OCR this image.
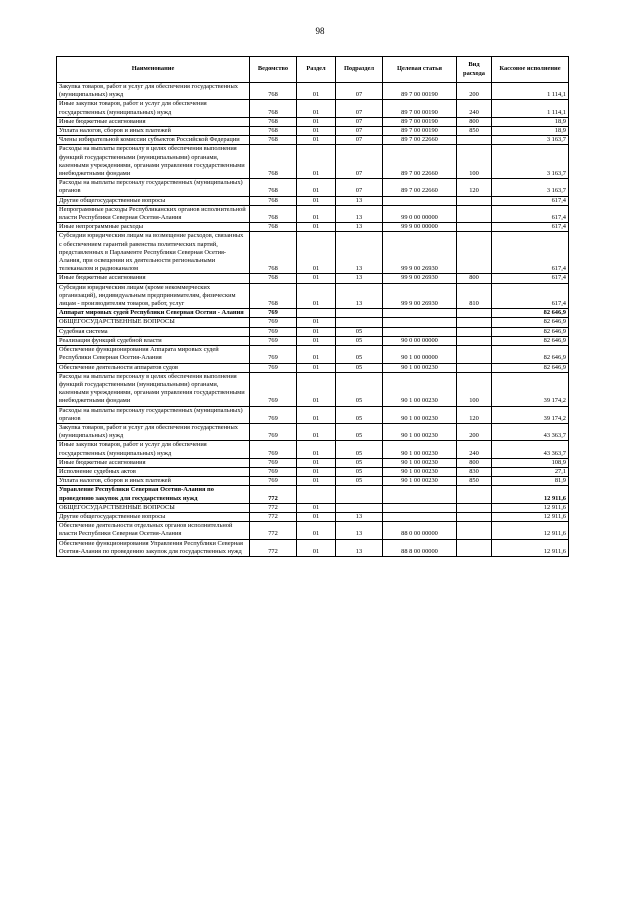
98
Наименование	Ведомство	Раздел	Подраздел	Целевая статья	Вид расхода	Кассовое исполнение
Закупка товаров, работ и услуг для обеспечения государственных (муниципальных) нужд	768	01	07	89 7 00 00190	200	1 114,1
Иные закупки товаров, работ и услуг для обеспечения государственных (муниципальных) нужд	768	01	07	89 7 00 00190	240	1 114,1
Иные бюджетные ассигнования	768	01	07	89 7 00 00190	800	18,9
Уплата налогов, сборов и иных платежей	768	01	07	89 7 00 00190	850	18,9
Члены избирательной комиссии субъектов Российской Федерации	768	01	07	89 7 00 22660		3 163,7
Расходы на выплаты персоналу в целях обеспечения выполнения функций государственными (муниципальными) органами, казенными учреждениями, органами управления государственными внебюджетными фондами	768	01	07	89 7 00 22660	100	3 163,7
Расходы на выплаты персоналу государственных (муниципальных) органов	768	01	07	89 7 00 22660	120	3 163,7
Другие общегосударственные вопросы	768	01	13			617,4
Непрограммные расходы Республиканских органов исполнительной власти Республики Северная Осетия-Алания	768	01	13	99 0 00 00000		617,4
Иные непрограммные расходы	768	01	13	99 9 00 00000		617,4
Субсидии юридическим лицам на возмещение расходов, связанных с обеспечением гарантий равенства политических партий, представленных в Парламенте Республики Северная Осетия-Алания, при освещении их деятельности региональными телеканалом и радиоканалом	768	01	13	99 9 00 26930		617,4
Иные бюджетные ассигнования	768	01	13	99 9 00 26930	800	617,4
Субсидии юридическим лицам (кроме некоммерческих организаций), индивидуальным предпринимателям, физическим лицам - производителям товаров, работ, услуг	768	01	13	99 9 00 26930	810	617,4
Аппарат мировых судей Республики Северная Осетия - Алания	769					82 646,9
ОБЩЕГОСУДАРСТВЕННЫЕ ВОПРОСЫ	769	01				82 646,9
Судебная система	769	01	05			82 646,9
Реализация функций судебной власти	769	01	05	90 0 00 00000		82 646,9
Обеспечение функционирования Аппарата мировых судей Республики Северная Осетия-Алания	769	01	05	90 1 00 00000		82 646,9
Обеспечение деятельности аппаратов судов	769	01	05	90 1 00 00230		82 646,9
Расходы на выплаты персоналу в целях обеспечения выполнения функций государственными (муниципальными) органами, казенными учреждениями, органами управления государственными внебюджетными фондами	769	01	05	90 1 00 00230	100	39 174,2
Расходы на выплаты персоналу государственных (муниципальных) органов	769	01	05	90 1 00 00230	120	39 174,2
Закупка товаров, работ и услуг для обеспечения государственных (муниципальных) нужд	769	01	05	90 1 00 00230	200	43 363,7
Иные закупки товаров, работ и услуг для обеспечения государственных (муниципальных) нужд	769	01	05	90 1 00 00230	240	43 363,7
Иные бюджетные ассигнования	769	01	05	90 1 00 00230	800	108,9
Исполнение судебных актов	769	01	05	90 1 00 00230	830	27,1
Уплата налогов, сборов и иных платежей	769	01	05	90 1 00 00230	850	81,9
Управление Республики Северная Осетия-Алания по проведению закупок для государственных нужд	772					12 911,6
ОБЩЕГОСУДАРСТВЕННЫЕ ВОПРОСЫ	772	01				12 911,6
Другие общегосударственные вопросы	772	01	13			12 911,6
Обеспечение деятельности отдельных органов исполнительной власти Республики Северная Осетия-Алания	772	01	13	88 0 00 00000		12 911,6
Обеспечение функционирования Управления Республики Северная Осетия-Алания по проведению закупок для государственных нужд	772	01	13	88 8 00 00000		12 911,6
